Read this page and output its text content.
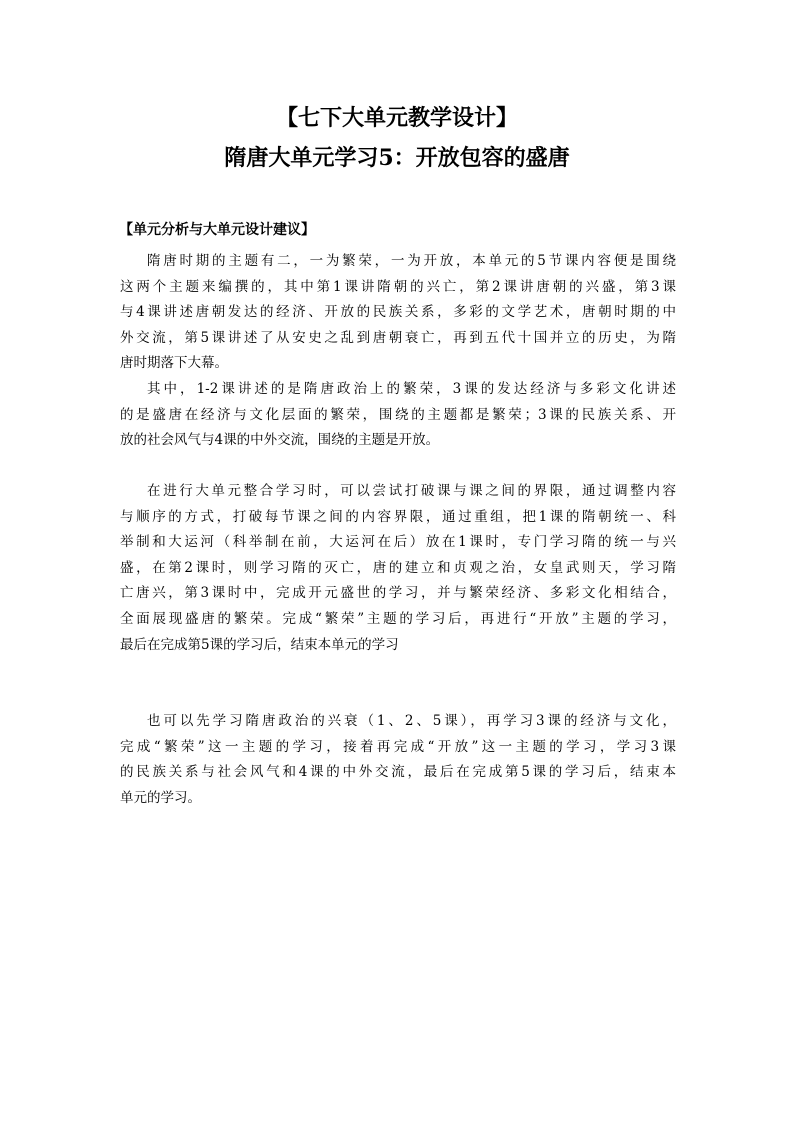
【七下大单元教学设计】
隋唐大单元学习5：开放包容的盛唐
【单元分析与大单元设计建议】
隋唐时期的主题有二，一为繁荣，一为开放，本单元的5节课内容便是围绕
这两个主题来编撰的，其中第1课讲隋朝的兴亡，第2课讲唐朝的兴盛，第3课
与4课讲述唐朝发达的经济、开放的民族关系，多彩的文学艺术，唐朝时期的中
外交流，第5课讲述了从安史之乱到唐朝衰亡，再到五代十国并立的历史，为隋
唐时期落下大幕。
其中，1-2课讲述的是隋唐政治上的繁荣，3课的发达经济与多彩文化讲述
的是盛唐在经济与文化层面的繁荣，围绕的主题都是繁荣；3课的民族关系、开
放的社会风气与4课的中外交流，围绕的主题是开放。
在进行大单元整合学习时，可以尝试打破课与课之间的界限，通过调整内容
与顺序的方式，打破每节课之间的内容界限，通过重组，把1课的隋朝统一、科
举制和大运河（科举制在前，大运河在后）放在1课时，专门学习隋的统一与兴
盛，在第2课时，则学习隋的灭亡，唐的建立和贞观之治，女皇武则天，学习隋
亡唐兴，第3课时中，完成开元盛世的学习，并与繁荣经济、多彩文化相结合，
全面展现盛唐的繁荣。完成“繁荣”主题的学习后，再进行“开放”主题的学习，
最后在完成第5课的学习后，结束本单元的学习
也可以先学习隋唐政治的兴衰（1、2、5课），再学习3课的经济与文化，
完成“繁荣”这一主题的学习，接着再完成“开放”这一主题的学习，学习3课
的民族关系与社会风气和4课的中外交流，最后在完成第5课的学习后，结束本
单元的学习。
